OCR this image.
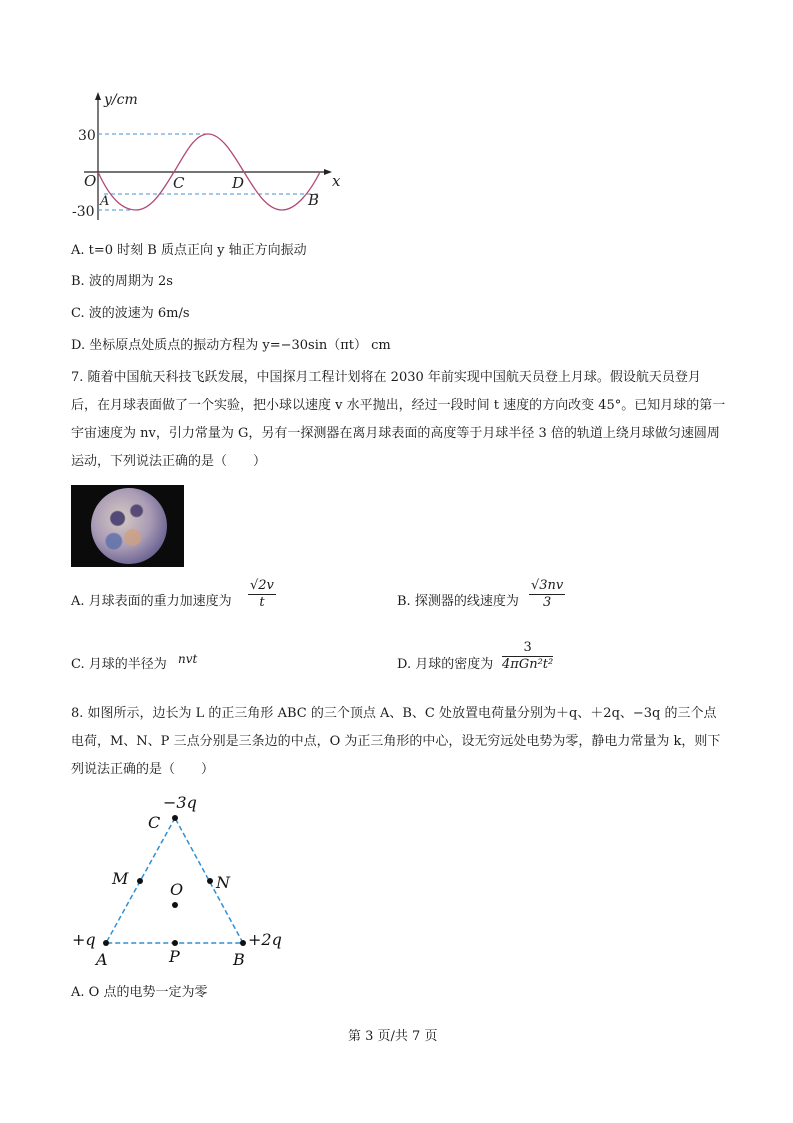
y/cm
x
30
-30
O
A
C	D
B
A. t=0 时刻 B 质点正向 y 轴正方向振动
B. 波的周期为 2s
C. 波的波速为 6m/s
D. 坐标原点处质点的振动方程为 y=−30sin（πt） cm
7. 随着中国航天科技飞跃发展，中国探月工程计划将在 2030 年前实现中国航天员登上月球。假设航天员登月后，在月球表面做了一个实验，把小球以速度 v 水平抛出，经过一段时间 t 速度的方向改变 45°。已知月球的第一宇宙速度为 nv，引力常量为 G，另有一探测器在离月球表面的高度等于月球半径 3 倍的轨道上绕月球做匀速圆周运动，下列说法正确的是（　　）
A. 月球表面的重力加速度为 $\frac{√2v}{t}$	B. 探测器的线速度为 $\frac{√3nv}{3}$
C. 月球的半径为 nvt	D. 月球的密度为
3
4πGn²t²
8. 如图所示，边长为 L 的正三角形 ABC 的三个顶点 A、B、C 处放置电荷量分别为＋q、＋2q、−3q 的三个点电荷，M、N、P 三点分别是三条边的中点，O 为正三角形的中心，设无穷远处电势为零，静电力常量为 k，则下列说法正确的是（　　）
−3q
C
M	N
O
+q	+2q
A	P	B
A. O 点的电势一定为零
第 3 页/共 7 页
